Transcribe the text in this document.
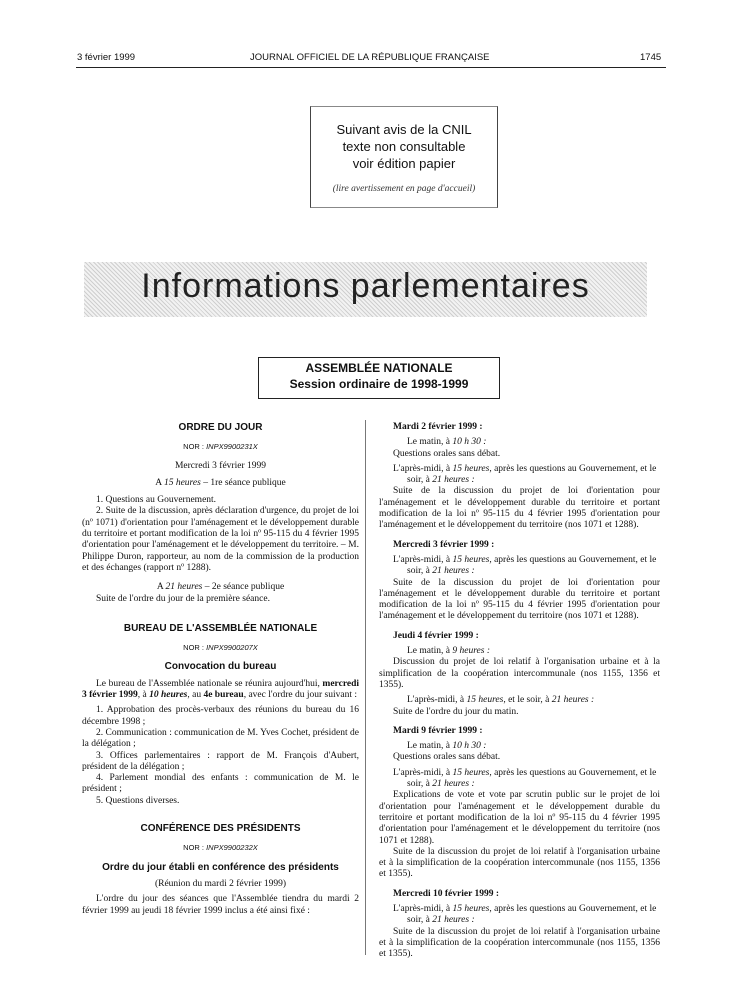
3 février 1999	JOURNAL OFFICIEL DE LA RÉPUBLIQUE FRANÇAISE	1745
Suivant avis de la CNIL
texte non consultable
voir édition papier
(lire avertissement en page d'accueil)
Informations parlementaires
ASSEMBLÉE NATIONALE
Session ordinaire de 1998-1999

ORDRE DU JOUR

NOR : INPX9900231X

Mercredi 3 février 1999

A 15 heures – 1re séance publique

1. Questions au Gouvernement.

2. Suite de la discussion, après déclaration d'urgence, du projet de loi (nº 1071) d'orientation pour l'aménagement et le développement durable du territoire et portant modification de la loi nº 95-115 du 4 février 1995 d'orientation pour l'aménagement et le développement du territoire. – M. Philippe Duron, rapporteur, au nom de la commission de la production et des échanges (rapport nº 1288).

A 21 heures – 2e séance publique

Suite de l'ordre du jour de la première séance.

BUREAU DE L'ASSEMBLÉE NATIONALE

NOR : INPX9900207X

Convocation du bureau

Le bureau de l'Assemblée nationale se réunira aujourd'hui, mercredi 3 février 1999, à 10 heures, au 4e bureau, avec l'ordre du jour suivant :

1. Approbation des procès-verbaux des réunions du bureau du 16 décembre 1998 ;

2. Communication : communication de M. Yves Cochet, président de la délégation ;

3. Offices parlementaires : rapport de M. François d'Aubert, président de la délégation ;

4. Parlement mondial des enfants : communication de M. le président ;

5. Questions diverses.

CONFÉRENCE DES PRÉSIDENTS

NOR : INPX9900232X

Ordre du jour établi en conférence des présidents

(Réunion du mardi 2 février 1999)

L'ordre du jour des séances que l'Assemblée tiendra du mardi 2 février 1999 au jeudi 18 février 1999 inclus a été ainsi fixé :

Mardi 2 février 1999 :

Le matin, à 10 h 30 :

Questions orales sans débat.

L'après-midi, à 15 heures, après les questions au Gouvernement, et le soir, à 21 heures :

Suite de la discussion du projet de loi d'orientation pour l'aménagement et le développement durable du territoire et portant modification de la loi nº 95-115 du 4 février 1995 d'orientation pour l'aménagement et le développement du territoire (nos 1071 et 1288).

Mercredi 3 février 1999 :

L'après-midi, à 15 heures, après les questions au Gouvernement, et le soir, à 21 heures :

Suite de la discussion du projet de loi d'orientation pour l'aménagement et le développement durable du territoire et portant modification de la loi nº 95-115 du 4 février 1995 d'orientation pour l'aménagement et le développement du territoire (nos 1071 et 1288).

Jeudi 4 février 1999 :

Le matin, à 9 heures :

Discussion du projet de loi relatif à l'organisation urbaine et à la simplification de la coopération intercommunale (nos 1155, 1356 et 1355).

L'après-midi, à 15 heures, et le soir, à 21 heures :

Suite de l'ordre du jour du matin.

Mardi 9 février 1999 :

Le matin, à 10 h 30 :

Questions orales sans débat.

L'après-midi, à 15 heures, après les questions au Gouvernement, et le soir, à 21 heures :

Explications de vote et vote par scrutin public sur le projet de loi d'orientation pour l'aménagement et le développement durable du territoire et portant modification de la loi nº 95-115 du 4 février 1995 d'orientation pour l'aménagement et le développement du territoire (nos 1071 et 1288).

Suite de la discussion du projet de loi relatif à l'organisation urbaine et à la simplification de la coopération intercommunale (nos 1155, 1356 et 1355).

Mercredi 10 février 1999 :

L'après-midi, à 15 heures, après les questions au Gouvernement, et le soir, à 21 heures :

Suite de la discussion du projet de loi relatif à l'organisation urbaine et à la simplification de la coopération intercommunale (nos 1155, 1356 et 1355).
